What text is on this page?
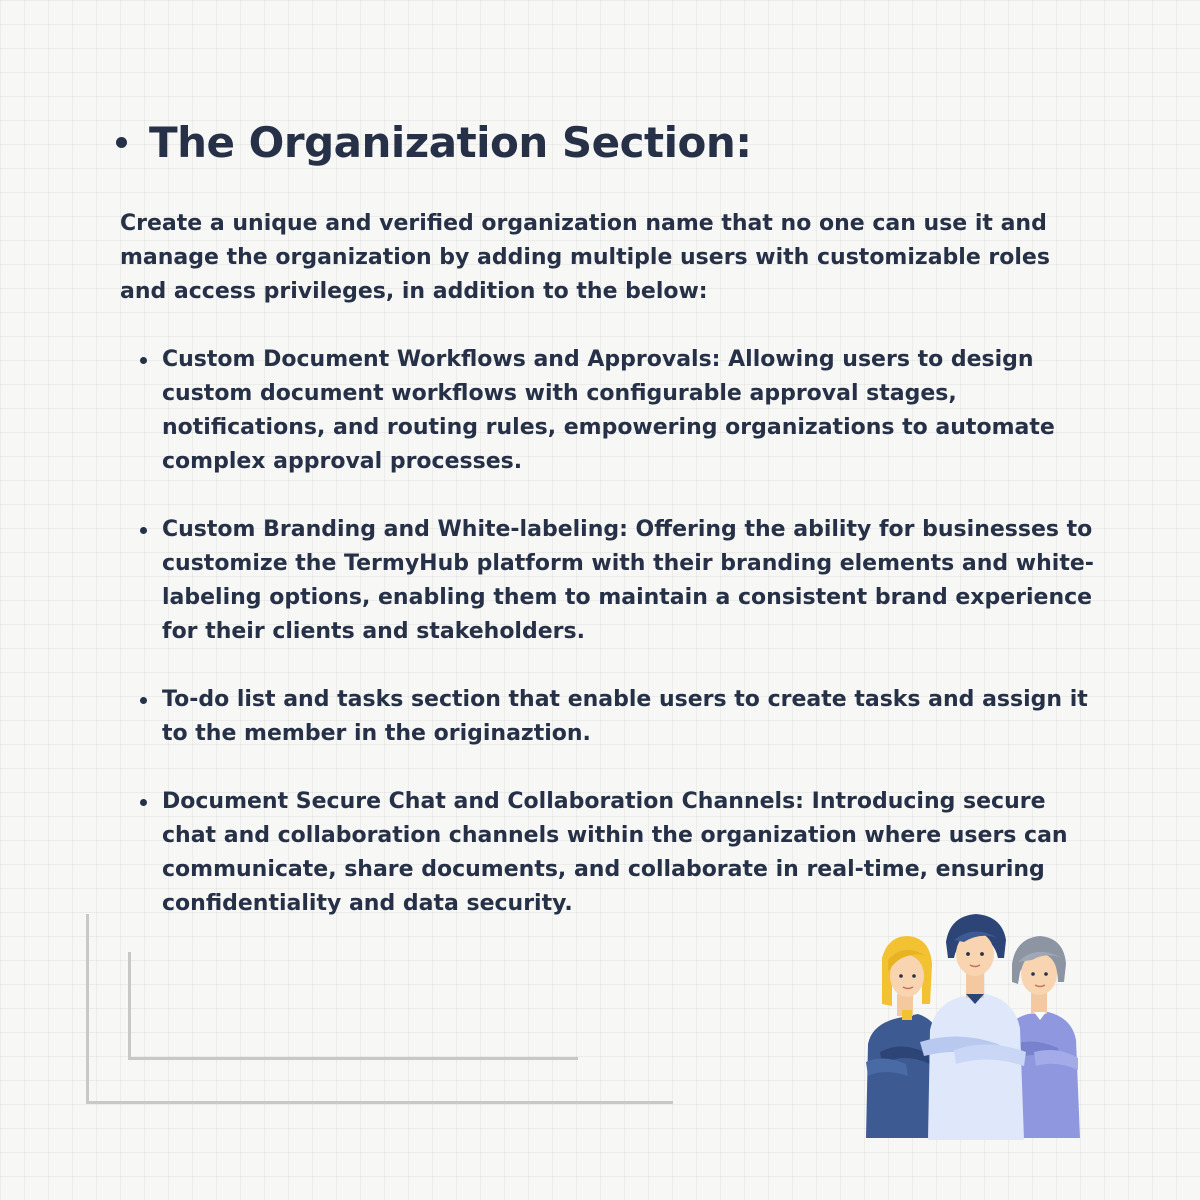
The Organization Section:

Create a unique and verified organization name that no one can use it and manage the organization by adding multiple users with customizable roles and access privileges, in addition to the below:

Custom Document Workflows and Approvals: Allowing users to design custom document workflows with configurable approval stages, notifications, and routing rules, empowering organizations to automate complex approval processes.
Custom Branding and White-labeling: Offering the ability for businesses to customize the TermyHub platform with their branding elements and white-labeling options, enabling them to maintain a consistent brand experience for their clients and stakeholders.
To-do list and tasks section that enable users to create tasks and assign it to the member in the originaztion.
Document Secure Chat and Collaboration Channels: Introducing secure chat and collaboration channels within the organization where users can communicate, share documents, and collaborate in real-time, ensuring confidentiality and data security.
